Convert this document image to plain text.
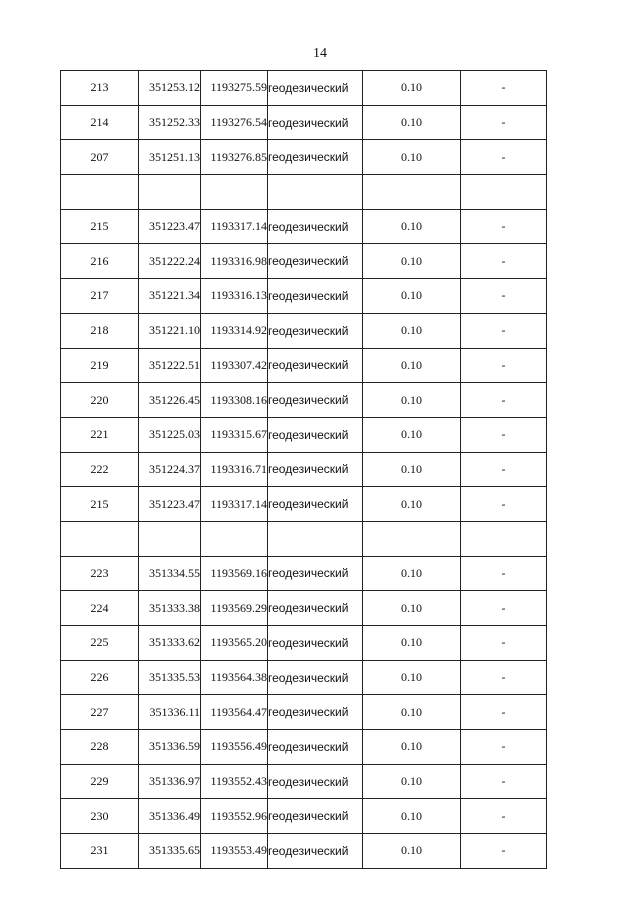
14
213	351253.12	1193275.59	геодезический	0.10	-
214	351252.33	1193276.54	геодезический	0.10	-
207	351251.13	1193276.85	геодезический	0.10	-

215	351223.47	1193317.14	геодезический	0.10	-
216	351222.24	1193316.98	геодезический	0.10	-
217	351221.34	1193316.13	геодезический	0.10	-
218	351221.10	1193314.92	геодезический	0.10	-
219	351222.51	1193307.42	геодезический	0.10	-
220	351226.45	1193308.16	геодезический	0.10	-
221	351225.03	1193315.67	геодезический	0.10	-
222	351224.37	1193316.71	геодезический	0.10	-
215	351223.47	1193317.14	геодезический	0.10	-

223	351334.55	1193569.16	геодезический	0.10	-
224	351333.38	1193569.29	геодезический	0.10	-
225	351333.62	1193565.20	геодезический	0.10	-
226	351335.53	1193564.38	геодезический	0.10	-
227	351336.11	1193564.47	геодезический	0.10	-
228	351336.59	1193556.49	геодезический	0.10	-
229	351336.97	1193552.43	геодезический	0.10	-
230	351336.49	1193552.96	геодезический	0.10	-
231	351335.65	1193553.49	геодезический	0.10	-
